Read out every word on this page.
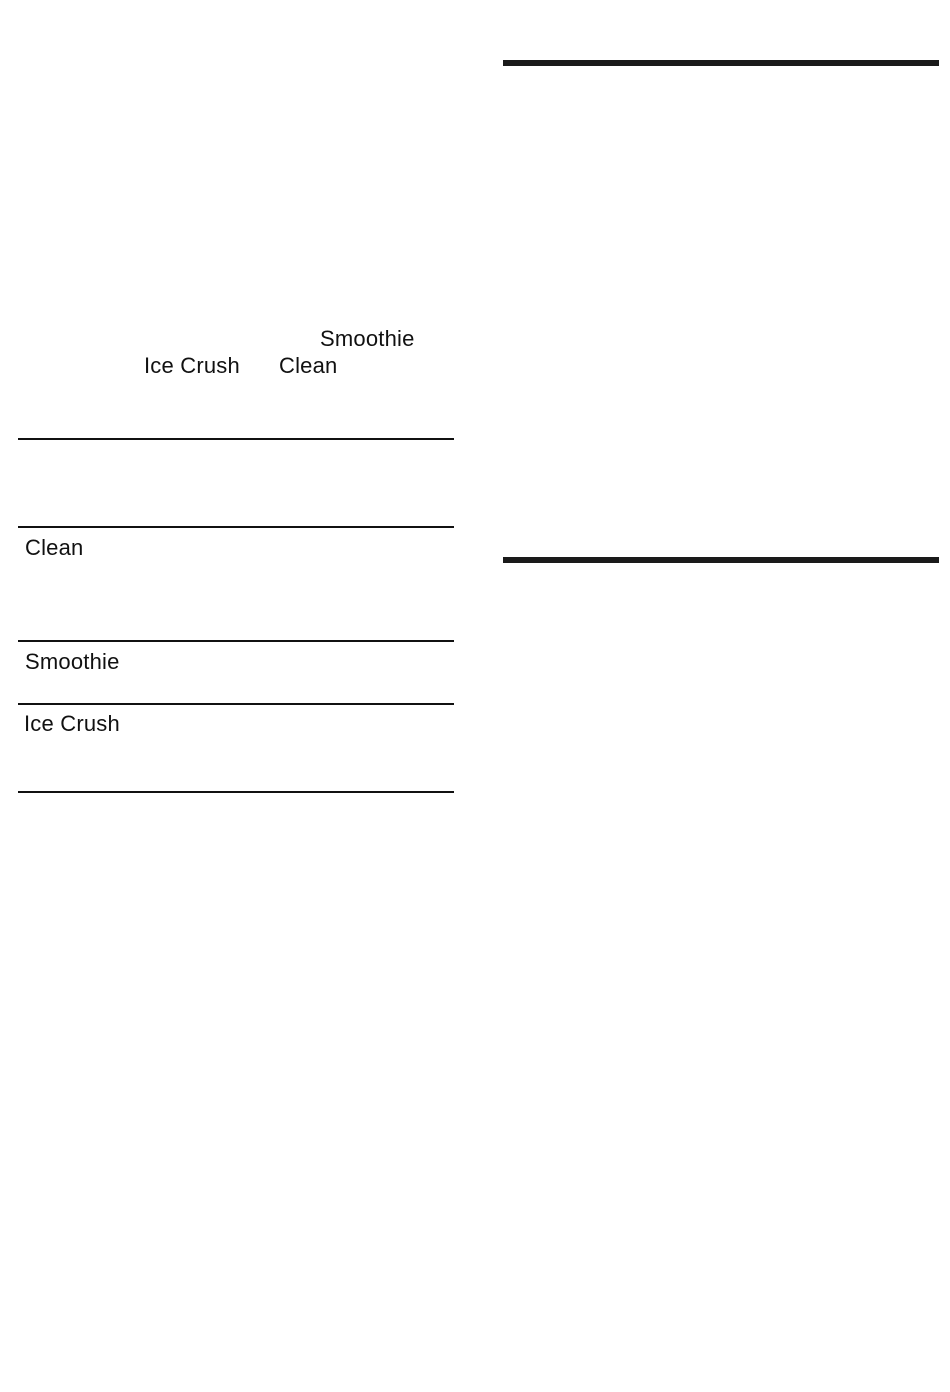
Smoothie
Ice Crush Clean
Clean
Smoothie
Ice Crush
